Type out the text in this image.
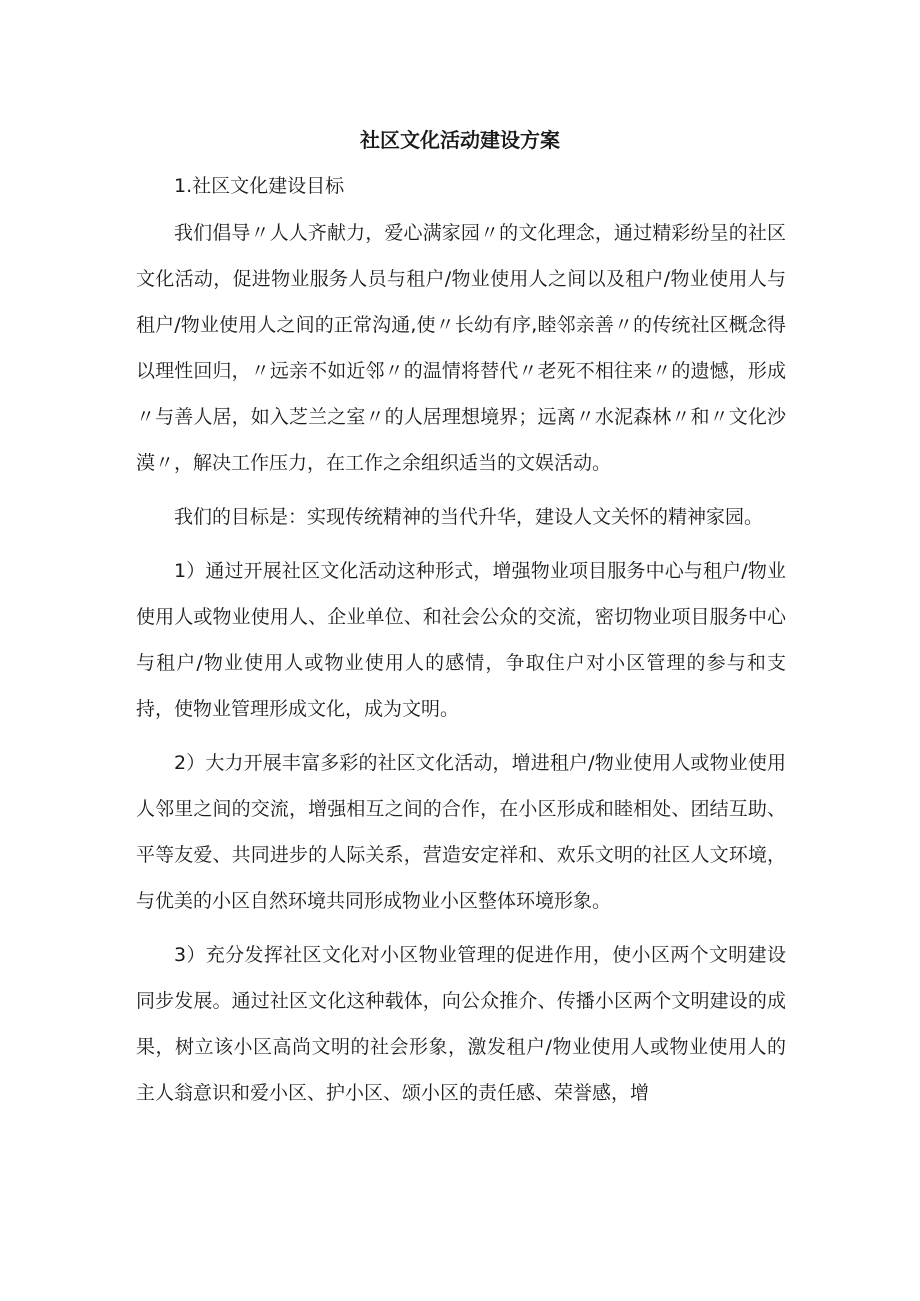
社区文化活动建设方案

1.社区文化建设目标

我们倡导〃人人齐献力，爱心满家园〃的文化理念，通过精彩纷呈的社区文化活动，促进物业服务人员与租户/物业使用人之间以及租户/物业使用人与租户/物业使用人之间的正常沟通,使〃长幼有序,睦邻亲善〃的传统社区概念得以理性回归，〃远亲不如近邻〃的温情将替代〃老死不相往来〃的遗憾，形成〃与善人居，如入芝兰之室〃的人居理想境界；远离〃水泥森林〃和〃文化沙漠〃，解决工作压力，在工作之余组织适当的文娱活动。

我们的目标是：实现传统精神的当代升华，建设人文关怀的精神家园。

1）通过开展社区文化活动这种形式，增强物业项目服务中心与租户/物业使用人或物业使用人、企业单位、和社会公众的交流，密切物业项目服务中心与租户/物业使用人或物业使用人的感情，争取住户对小区管理的参与和支持，使物业管理形成文化，成为文明。

2）大力开展丰富多彩的社区文化活动，增进租户/物业使用人或物业使用人邻里之间的交流，增强相互之间的合作，在小区形成和睦相处、团结互助、平等友爱、共同进步的人际关系，营造安定祥和、欢乐文明的社区人文环境，与优美的小区自然环境共同形成物业小区整体环境形象。

3）充分发挥社区文化对小区物业管理的促进作用，使小区两个文明建设同步发展。通过社区文化这种载体，向公众推介、传播小区两个文明建设的成果，树立该小区高尚文明的社会形象，激发租户/物业使用人或物业使用人的主人翁意识和爱小区、护小区、颂小区的责任感、荣誉感，增
